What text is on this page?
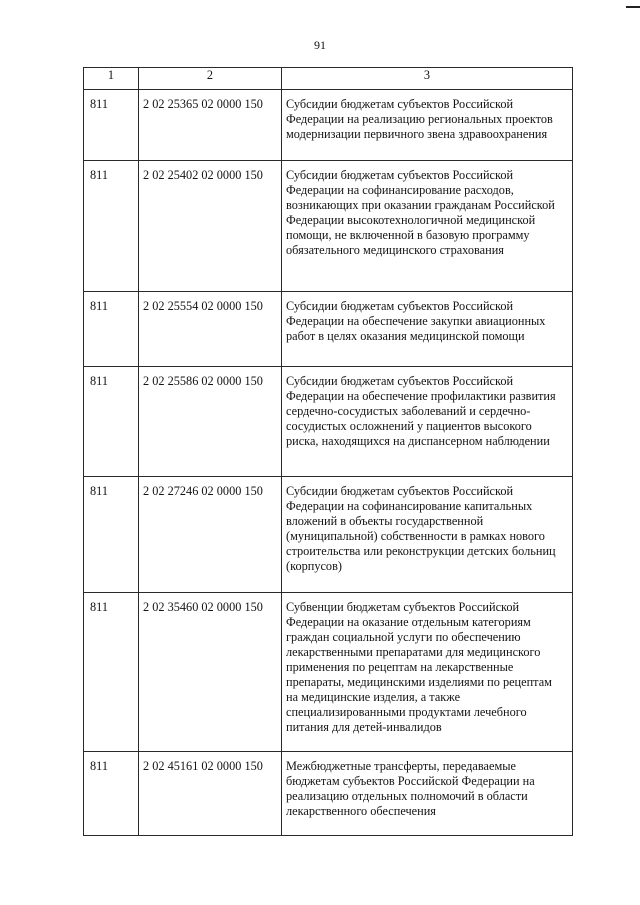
91
1	2	3
811	2 02 25365 02 0000 150	Субсидии бюджетам субъектов Российской Федерации на реализацию региональных проектов модернизации первичного звена здравоохранения
811	2 02 25402 02 0000 150	Субсидии бюджетам субъектов Российской Федерации на софинансирование расходов, возникающих при оказании гражданам Российской Федерации высокотехнологичной медицинской помощи, не включенной в базовую программу обязательного медицинского страхования
811	2 02 25554 02 0000 150	Субсидии бюджетам субъектов Российской Федерации на обеспечение закупки авиационных работ в целях оказания медицинской помощи
811	2 02 25586 02 0000 150	Субсидии бюджетам субъектов Российской Федерации на обеспечение профилактики развития сердечно-сосудистых заболеваний и сердечно-сосудистых осложнений у пациентов высокого риска, находящихся на диспансерном наблюдении
811	2 02 27246 02 0000 150	Субсидии бюджетам субъектов Российской Федерации на софинансирование капитальных вложений в объекты государственной (муниципальной) собственности в рамках нового строительства или реконструкции детских больниц (корпусов)
811	2 02 35460 02 0000 150	Субвенции бюджетам субъектов Российской Федерации на оказание отдельным категориям граждан социальной услуги по обеспечению лекарственными препаратами для медицинского применения по рецептам на лекарственные препараты, медицинскими изделиями по рецептам на медицинские изделия, а также специализированными продуктами лечебного питания для детей-инвалидов
811	2 02 45161 02 0000 150	Межбюджетные трансферты, передаваемые бюджетам субъектов Российской Федерации на реализацию отдельных полномочий в области лекарственного обеспечения
